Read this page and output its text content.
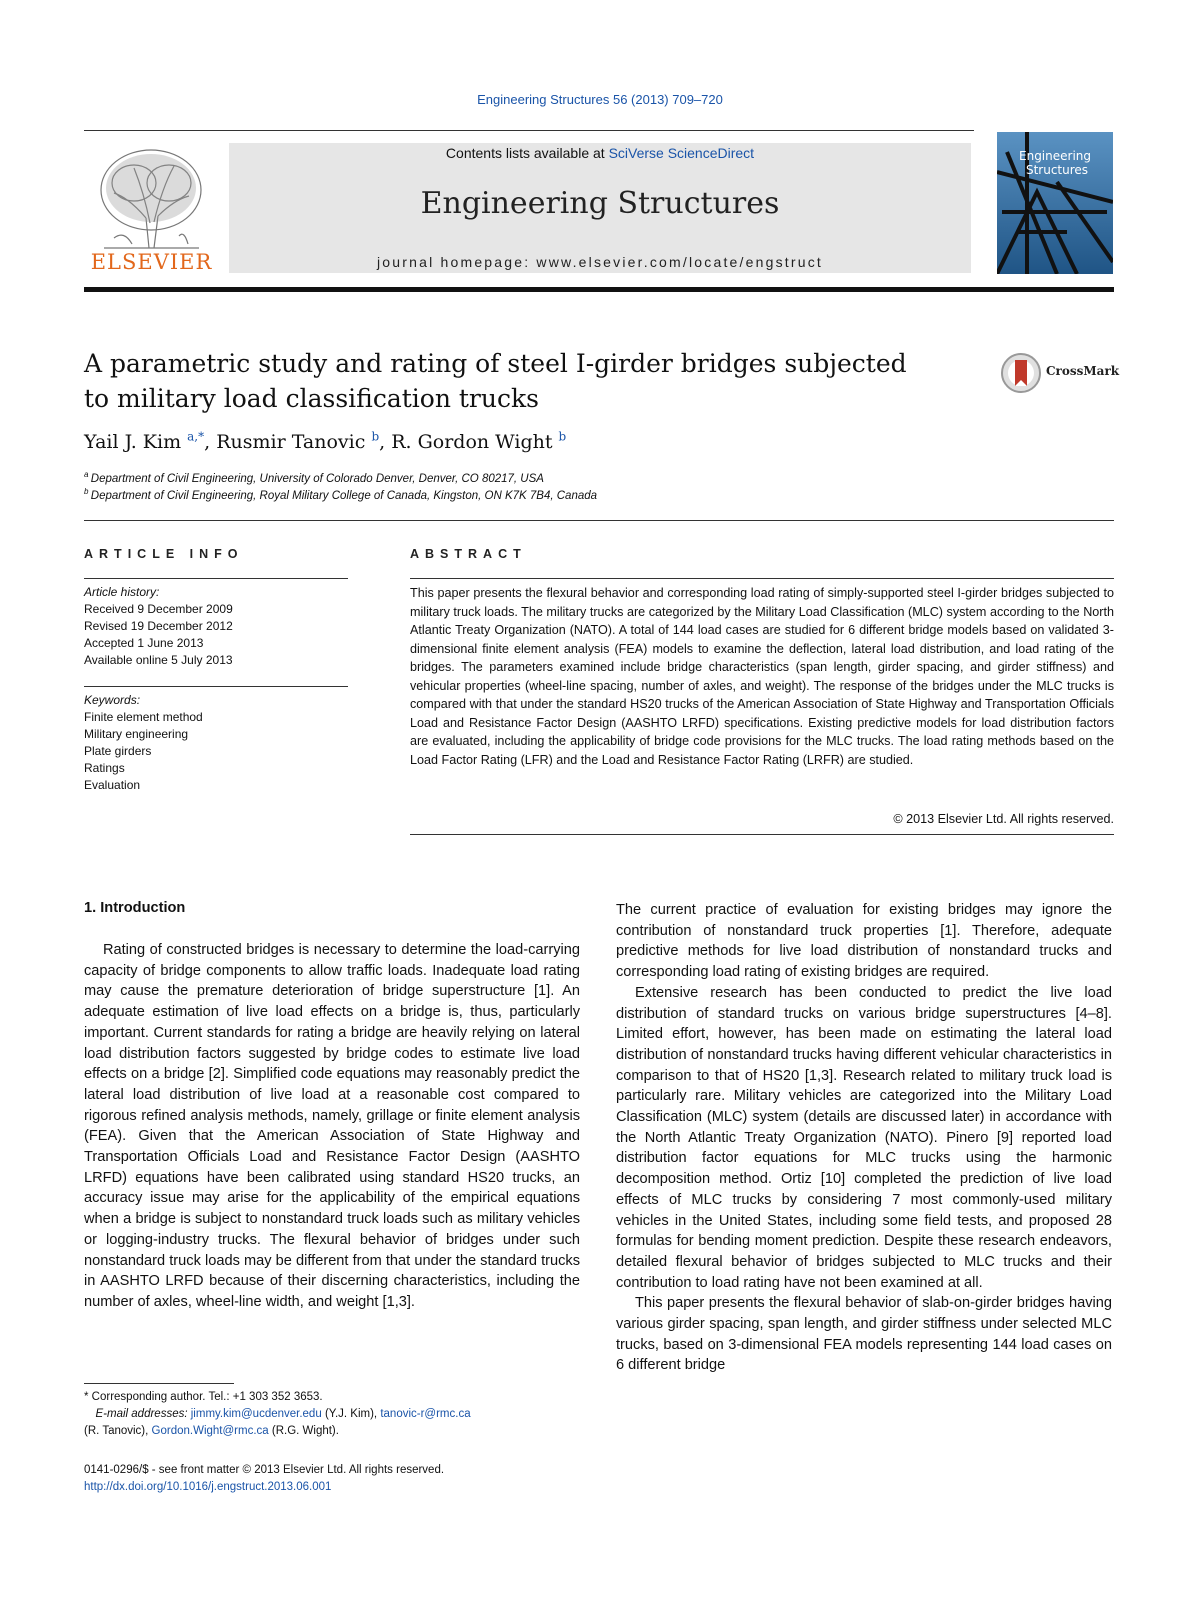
Engineering Structures 56 (2013) 709–720
ELSEVIER
Contents lists available at SciVerse ScienceDirect
Engineering Structures
journal homepage: www.elsevier.com/locate/engstruct
Engineering
Structures
A parametric study and rating of steel I-girder bridges subjected
to military load classification trucks
CrossMark
Yail J. Kim $^{a,*}$, Rusmir Tanovic $^b$, R. Gordon Wight $^b$
$^a$  Department of Civil Engineering, University of Colorado Denver, Denver, CO 80217, USA
$^b$  Department of Civil Engineering, Royal Military College of Canada, Kingston, ON K7K 7B4, Canada
ARTICLE INFO	ABSTRACT
Article history:
Received 9 December 2009
Revised 19 December 2012
Accepted 1 June 2013
Available online 5 July 2013
Keywords:
Finite element method
Military engineering
Plate girders
Ratings
Evaluation
This paper presents the flexural behavior and corresponding load rating of simply-supported steel I-girder bridges subjected to military truck loads. The military trucks are categorized by the Military Load Classification (MLC) system according to the North Atlantic Treaty Organization (NATO). A total of 144 load cases are studied for 6 different bridge models based on validated 3-dimensional finite element analysis (FEA) models to examine the deflection, lateral load distribution, and load rating of the bridges. The parameters examined include bridge characteristics (span length, girder spacing, and girder stiffness) and vehicular properties (wheel-line spacing, number of axles, and weight). The response of the bridges under the MLC trucks is compared with that under the standard HS20 trucks of the American Association of State Highway and Transportation Officials Load and Resistance Factor Design (AASHTO LRFD) specifications. Existing predictive models for load distribution factors are evaluated, including the applicability of bridge code provisions for the MLC trucks. The load rating methods based on the Load Factor Rating (LFR) and the Load and Resistance Factor Rating (LRFR) are studied.
© 2013 Elsevier Ltd. All rights reserved.
1. Introduction

Rating of constructed bridges is necessary to determine the load-carrying capacity of bridge components to allow traffic loads. Inadequate load rating may cause the premature deterioration of bridge superstructure [1]. An adequate estimation of live load effects on a bridge is, thus, particularly important. Current standards for rating a bridge are heavily relying on lateral load distribution factors suggested by bridge codes to estimate live load effects on a bridge [2]. Simplified code equations may reasonably predict the lateral load distribution of live load at a reasonable cost compared to rigorous refined analysis methods, namely, grillage or finite element analysis (FEA). Given that the American Association of State Highway and Transportation Officials Load and Resistance Factor Design (AASHTO LRFD) equations have been calibrated using standard HS20 trucks, an accuracy issue may arise for the applicability of the empirical equations when a bridge is subject to nonstandard truck loads such as military vehicles or logging-industry trucks. The flexural behavior of bridges under such nonstandard truck loads may be different from that under the standard trucks in AASHTO LRFD because of their discerning characteristics, including the number of axles, wheel-line width, and weight [1,3].

The current practice of evaluation for existing bridges may ignore the contribution of nonstandard truck properties [1]. Therefore, adequate predictive methods for live load distribution of nonstandard trucks and corresponding load rating of existing bridges are required.

Extensive research has been conducted to predict the live load distribution of standard trucks on various bridge superstructures [4–8]. Limited effort, however, has been made on estimating the lateral load distribution of nonstandard trucks having different vehicular characteristics in comparison to that of HS20 [1,3]. Research related to military truck load is particularly rare. Military vehicles are categorized into the Military Load Classification (MLC) system (details are discussed later) in accordance with the North Atlantic Treaty Organization (NATO). Pinero [9] reported load distribution factor equations for MLC trucks using the harmonic decomposition method. Ortiz [10] completed the prediction of live load effects of MLC trucks by considering 7 most commonly-used military vehicles in the United States, including some field tests, and proposed 28 formulas for bending moment prediction. Despite these research endeavors, detailed flexural behavior of bridges subjected to MLC trucks and their contribution to load rating have not been examined at all.

This paper presents the flexural behavior of slab-on-girder bridges having various girder spacing, span length, and girder stiffness under selected MLC trucks, based on 3-dimensional FEA models representing 144 load cases on 6 different bridge

* Corresponding author. Tel.: +1 303 352 3653.
 E-mail addresses: jimmy.kim@ucdenver.edu (Y.J. Kim), tanovic-r@rmc.ca
(R. Tanovic), Gordon.Wight@rmc.ca (R.G. Wight).
0141-0296/$ - see front matter © 2013 Elsevier Ltd. All rights reserved.
http://dx.doi.org/10.1016/j.engstruct.2013.06.001
